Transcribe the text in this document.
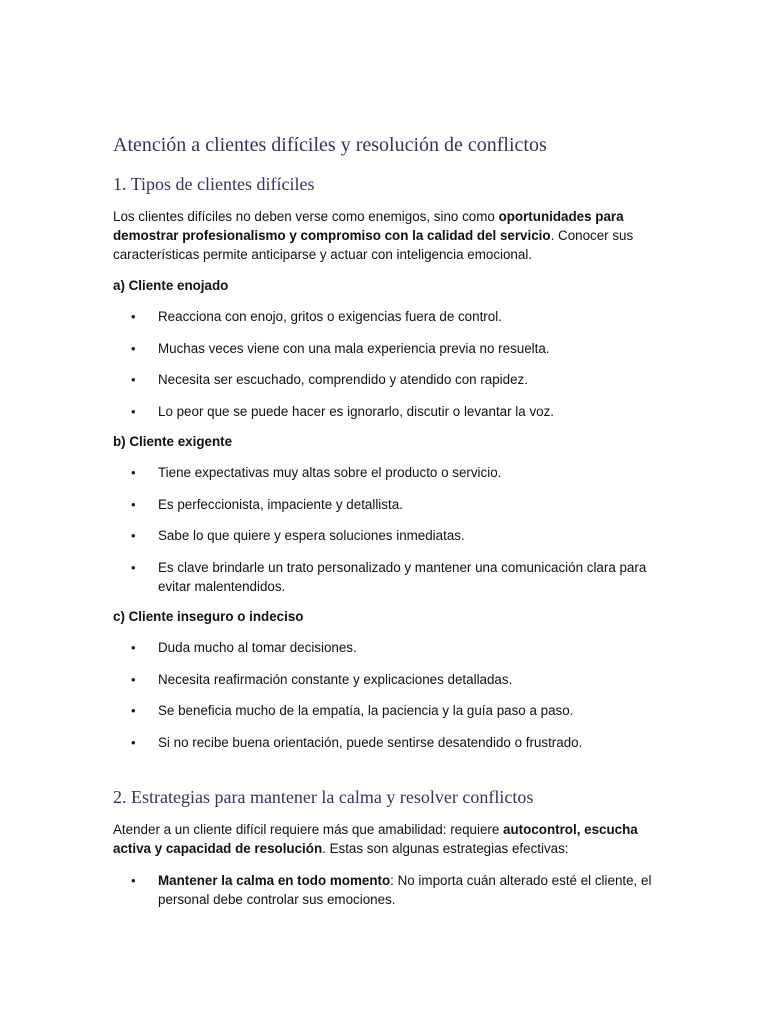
Atención a clientes difíciles y resolución de conflictos
1. Tipos de clientes difíciles

Los clientes difíciles no deben verse como enemigos, sino como oportunidades para demostrar profesionalismo y compromiso con la calidad del servicio. Conocer sus características permite anticiparse y actuar con inteligencia emocional.

a) Cliente enojado
• Reacciona con enojo, gritos o exigencias fuera de control.
• Muchas veces viene con una mala experiencia previa no resuelta.
• Necesita ser escuchado, comprendido y atendido con rapidez.
• Lo peor que se puede hacer es ignorarlo, discutir o levantar la voz.
b) Cliente exigente
• Tiene expectativas muy altas sobre el producto o servicio.
• Es perfeccionista, impaciente y detallista.
• Sabe lo que quiere y espera soluciones inmediatas.
• Es clave brindarle un trato personalizado y mantener una comunicación clara para evitar malentendidos.
c) Cliente inseguro o indeciso
• Duda mucho al tomar decisiones.
• Necesita reafirmación constante y explicaciones detalladas.
• Se beneficia mucho de la empatía, la paciencia y la guía paso a paso.
• Si no recibe buena orientación, puede sentirse desatendido o frustrado.
2. Estrategias para mantener la calma y resolver conflictos

Atender a un cliente difícil requiere más que amabilidad: requiere autocontrol, escucha activa y capacidad de resolución. Estas son algunas estrategias efectivas:

• Mantener la calma en todo momento: No importa cuán alterado esté el cliente, el personal debe controlar sus emociones.
